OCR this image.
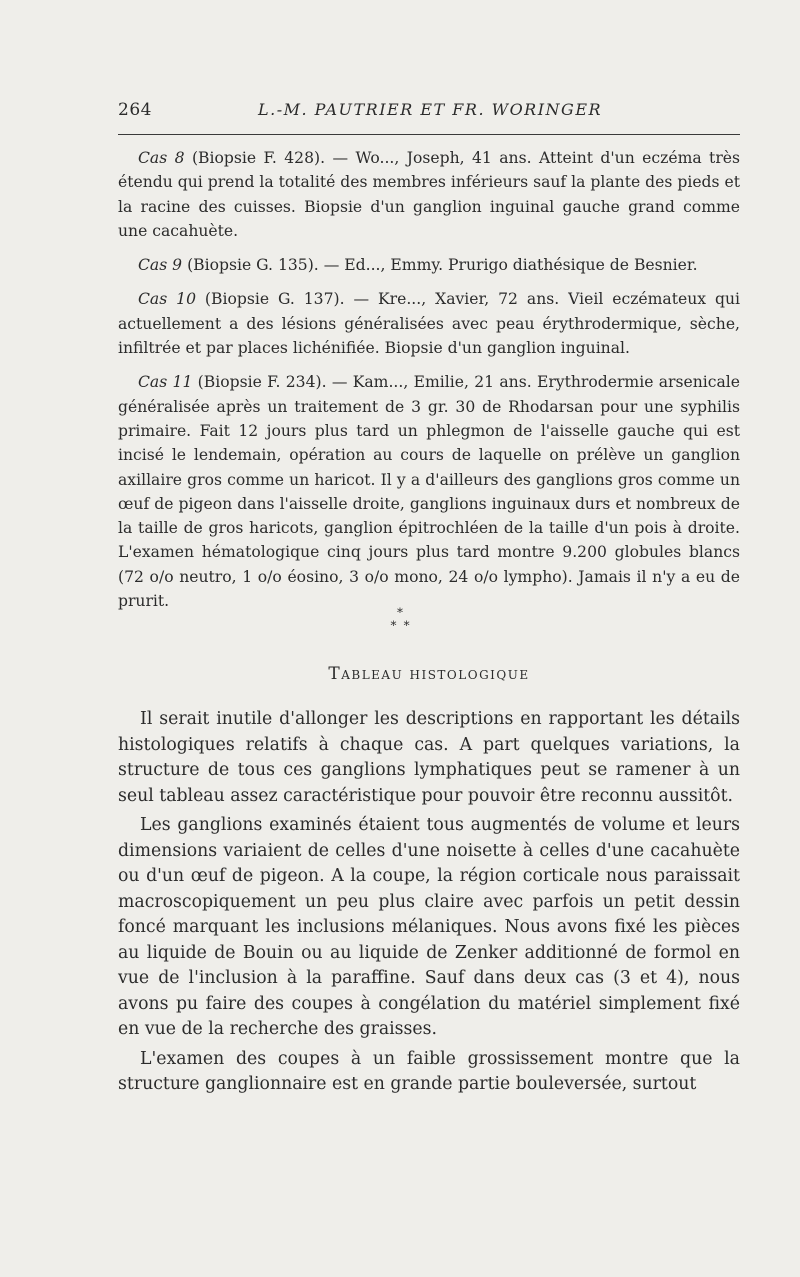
264	L.-M. PAUTRIER ET FR. WORINGER

Cas 8 (Biopsie F. 428). — Wo..., Joseph, 41 ans. Atteint d'un eczéma très étendu qui prend la totalité des membres inférieurs sauf la plante des pieds et la racine des cuisses. Biopsie d'un ganglion inguinal gauche grand comme une cacahuète.

Cas 9 (Biopsie G. 135). — Ed..., Emmy. Prurigo diathésique de Besnier.

Cas 10 (Biopsie G. 137). — Kre..., Xavier, 72 ans. Vieil eczémateux qui actuellement a des lésions généralisées avec peau érythrodermique, sèche, infiltrée et par places lichénifiée. Biopsie d'un ganglion inguinal.

Cas 11 (Biopsie F. 234). — Kam..., Emilie, 21 ans. Erythrodermie arsenicale généralisée après un traitement de 3 gr. 30 de Rhodarsan pour une syphilis primaire. Fait 12 jours plus tard un phlegmon de l'aisselle gauche qui est incisé le lendemain, opération au cours de laquelle on prélève un ganglion axillaire gros comme un haricot. Il y a d'ailleurs des ganglions gros comme un œuf de pigeon dans l'aisselle droite, ganglions inguinaux durs et nombreux de la taille de gros haricots, ganglion épitrochléen de la taille d'un pois à droite. L'examen hématologique cinq jours plus tard montre 9.200 globules blancs (72 o/o neutro, 1 o/o éosino, 3 o/o mono, 24 o/o lympho). Jamais il n'y a eu de prurit.	∗
∗  ∗
TABLEAU HISTOLOGIQUE

Il serait inutile d'allonger les descriptions en rapportant les détails histologiques relatifs à chaque cas. A part quelques variations, la structure de tous ces ganglions lymphatiques peut se ramener à un seul tableau assez caractéristique pour pouvoir être reconnu aussitôt.

Les ganglions examinés étaient tous augmentés de volume et leurs dimensions variaient de celles d'une noisette à celles d'une cacahuète ou d'un œuf de pigeon. A la coupe, la région corticale nous paraissait macroscopiquement un peu plus claire avec parfois un petit dessin foncé marquant les inclusions mélaniques. Nous avons fixé les pièces au liquide de Bouin ou au liquide de Zenker additionné de formol en vue de l'inclusion à la paraffine. Sauf dans deux cas (3 et 4), nous avons pu faire des coupes à congélation du matériel simplement fixé en vue de la recherche des graisses.

L'examen des coupes à un faible grossissement montre que la structure ganglionnaire est en grande partie bouleversée, surtout
